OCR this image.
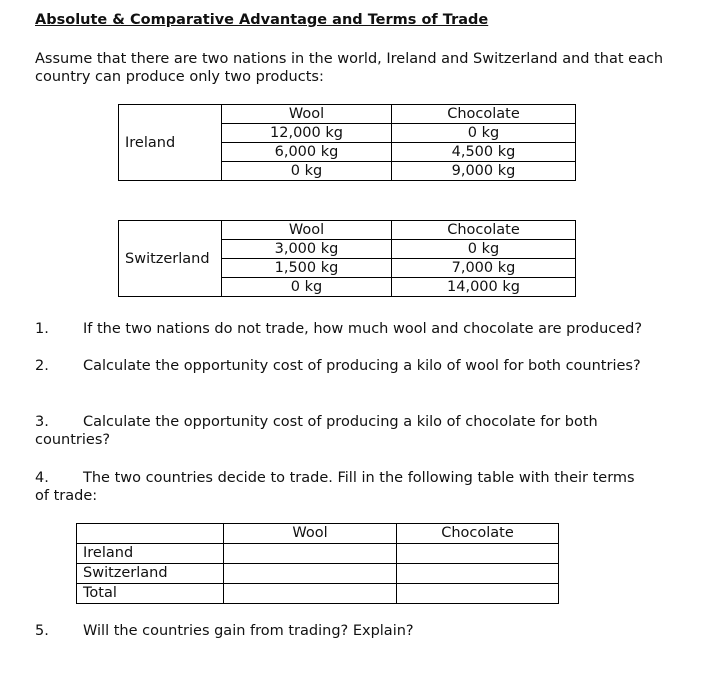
Absolute & Comparative Advantage and Terms of Trade
Assume that there are two nations in the world, Ireland and Switzerland and that each country can produce only two products:
Ireland	Wool	Chocolate
	12,000 kg	0 kg
	6,000 kg	4,500 kg
	0 kg	9,000 kg
Switzerland	Wool	Chocolate
	3,000 kg	0 kg
	1,500 kg	7,000 kg
	0 kg	14,000 kg
1. If the two nations do not trade, how much wool and chocolate are produced?
2. Calculate the opportunity cost of producing a kilo of wool for both countries?
3. Calculate the opportunity cost of producing a kilo of chocolate for both
countries?
4. The two countries decide to trade. Fill in the following table with their terms
of trade:
	Wool	Chocolate
Ireland		
Switzerland		
Total		
5. Will the countries gain from trading? Explain?
